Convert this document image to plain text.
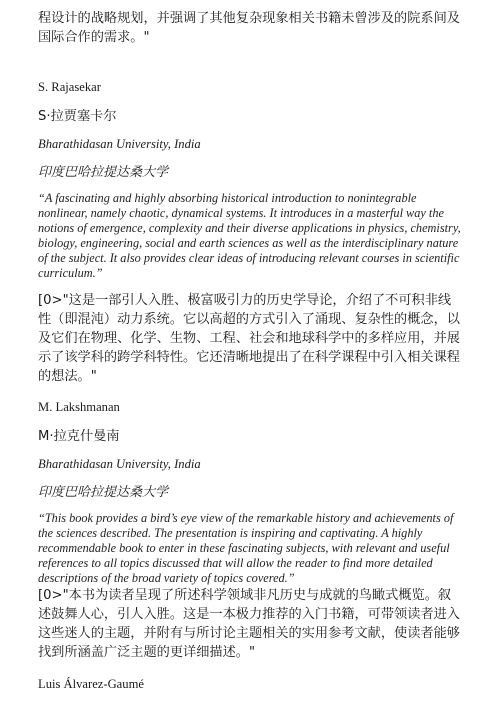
程设计的战略规划，并强调了其他复杂现象相关书籍未曾涉及的院系间及国际合作的需求。"

S. Rajasekar

S·拉贾塞卡尔

Bharathidasan University, India

印度巴哈拉提达桑大学

“A fascinating and highly absorbing historical introduction to nonintegrable nonlinear, namely chaotic, dynamical systems. It introduces in a masterful way the notions of emergence, complexity and their diverse applications in physics, chemistry, biology, engineering, social and earth sciences as well as the interdisciplinary nature of the subject. It also provides clear ideas of introducing relevant courses in scientific curriculum.”

[0>"这是一部引人入胜、极富吸引力的历史学导论，介绍了不可积非线性（即混沌）动力系统。它以高超的方式引入了涌现、复杂性的概念，以及它们在物理、化学、生物、工程、社会和地球科学中的多样应用，并展示了该学科的跨学科特性。它还清晰地提出了在科学课程中引入相关课程的想法。"

M. Lakshmanan

M·拉克什曼南

Bharathidasan University, India

印度巴哈拉提达桑大学

“This book provides a bird’s eye view of the remarkable history and achievements of the sciences described. The presentation is inspiring and captivating. A highly recommendable book to enter in these fascinating subjects, with relevant and useful references to all topics discussed that will allow the reader to find more detailed descriptions of the broad variety of topics covered.”

[0>"本书为读者呈现了所述科学领域非凡历史与成就的鸟瞰式概览。叙述鼓舞人心，引人入胜。这是一本极力推荐的入门书籍，可带领读者进入这些迷人的主题，并附有与所讨论主题相关的实用参考文献，使读者能够找到所涵盖广泛主题的更详细描述。"

Luis Álvarez-Gaumé
